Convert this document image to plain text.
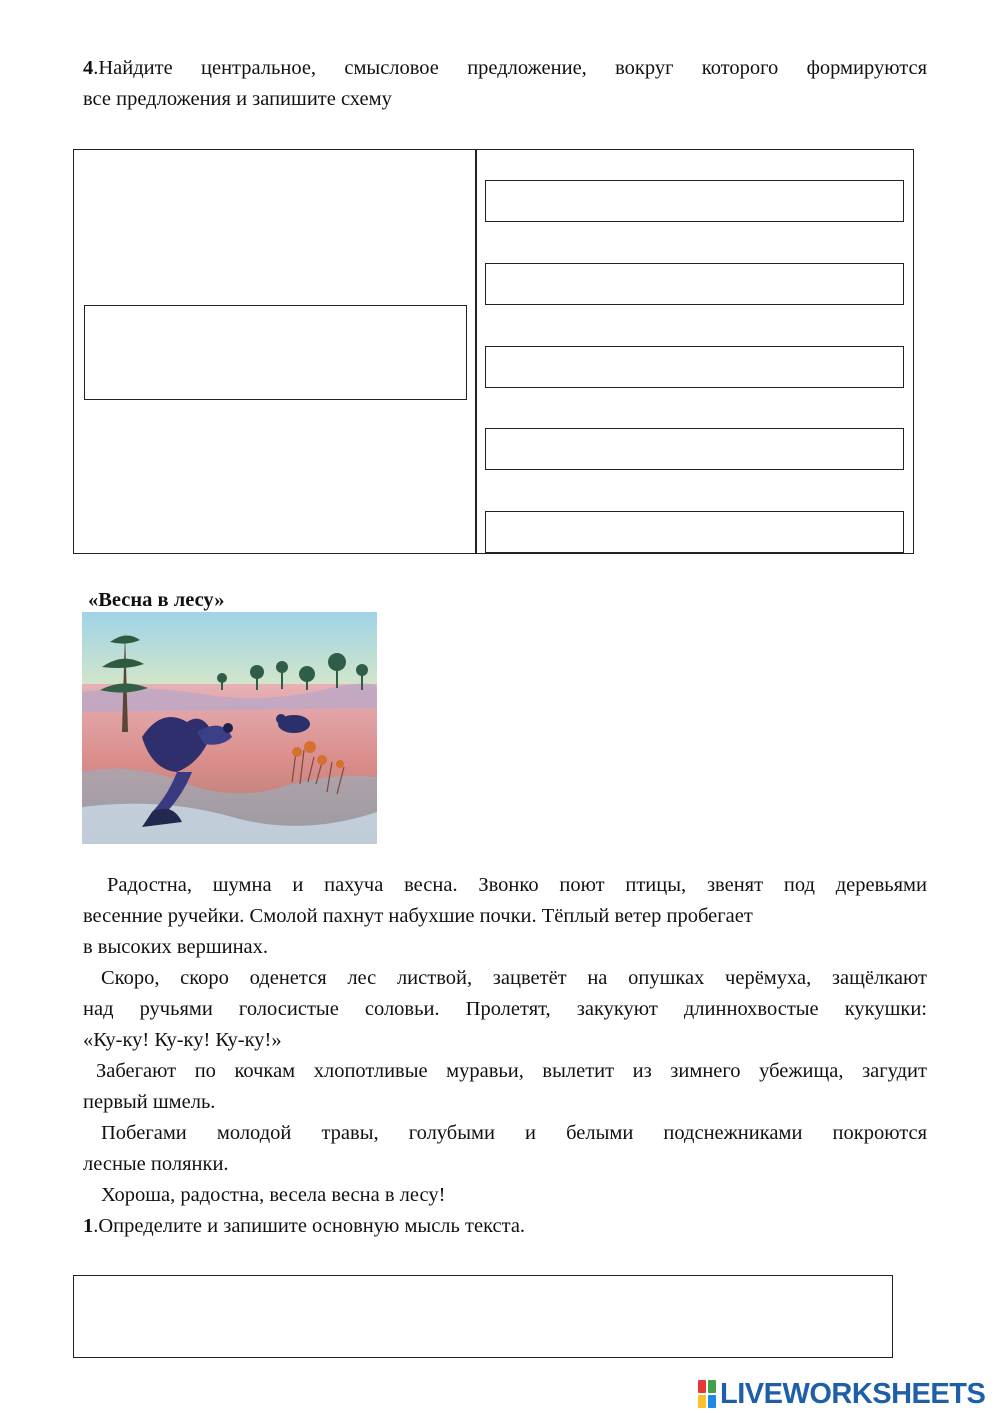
4.Найдите центральное, смысловое предложение, вокруг которого формируются
все предложения и запишите схему
«Весна в лесу»
Радостна, шумна и пахуча весна. Звонко поют птицы, звенят под деревьями
весенние ручейки. Смолой пахнут набухшие почки. Тёплый ветер пробегает
в высоких вершинах.
Скоро, скоро оденется лес листвой, зацветёт на опушках черёмуха, защёлкают
над ручьями голосистые соловьи. Пролетят, закукуют длиннохвостые кукушки:
«Ку-ку! Ку-ку! Ку-ку!»
Забегают по кочкам хлопотливые муравьи, вылетит из зимнего убежища, загудит
первый шмель.
Побегами молодой травы, голубыми и белыми подснежниками покроются
лесные полянки.
Хороша, радостна, весела весна в лесу!
1.Определите и запишите основную мысль текста.
LIVEWORKSHEETS
